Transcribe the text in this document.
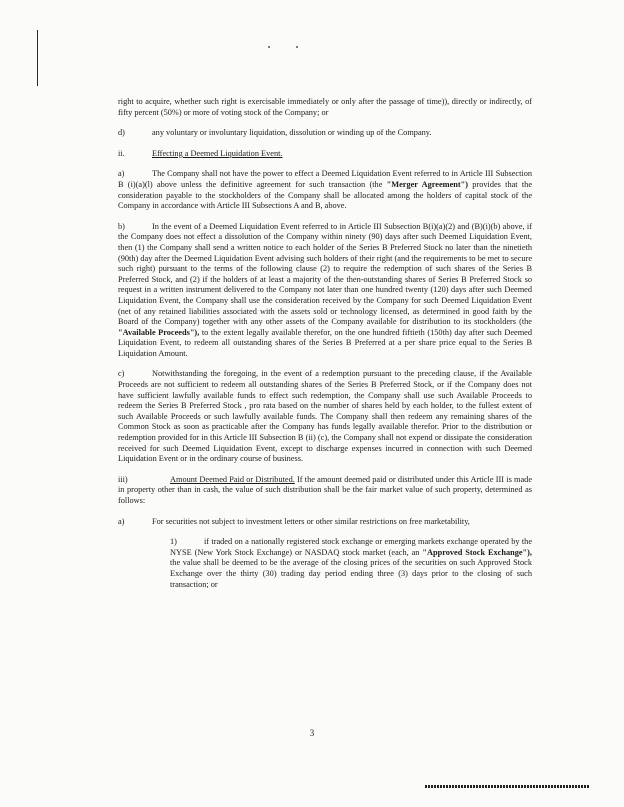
right to acquire, whether such right is exercisable immediately or only after the passage of time)), directly or indirectly, of fifty percent (50%) or more of voting stock of the Company; or

d)	any voluntary or involuntary liquidation, dissolution or winding up of the Company.

ii.	Effecting a Deemed Liquidation Event.

a)	The Company shall not have the power to effect a Deemed Liquidation Event referred to in Article III Subsection B (i)(a)(l) above unless the definitive agreement for such transaction (the "Merger Agreement") provides that the consideration payable to the stockholders of the Company shall be allocated among the holders of capital stock of the Company in accordance with Article III Subsections A and B, above.

b)	In the event of a Deemed Liquidation Event referred to in Article III Subsection B(i)(a)(2) and (B)(i)(b) above, if the Company does not effect a dissolution of the Company within ninety (90) days after such Deemed Liquidation Event, then (1) the Company shall send a written notice to each holder of the Series B Preferred Stock no later than the ninetieth (90th) day after the Deemed Liquidation Event advising such holders of their right (and the requirements to be met to secure such right) pursuant to the terms of the following clause (2) to require the redemption of such shares of the Series B Preferred Stock, and (2) if the holders of at least a majority of the then-outstanding shares of Series B Preferred Stock so request in a written instrument delivered to the Company not later than one hundred twenty (120) days after such Deemed Liquidation Event, the Company shall use the consideration received by the Company for such Deemed Liquidation Event (net of any retained liabilities associated with the assets sold or technology licensed, as determined in good faith by the Board of the Company) together with any other assets of the Company available for distribution to its stockholders (the "Available Proceeds"), to the extent legally available therefor, on the one hundred fiftieth (150th) day after such Deemed Liquidation Event, to redeem all outstanding shares of the Series B Preferred at a per share price equal to the Series B Liquidation Amount.

c)	Notwithstanding the foregoing, in the event of a redemption pursuant to the preceding clause, if the Available Proceeds are not sufficient to redeem all outstanding shares of the Series B Preferred Stock, or if the Company does not have sufficient lawfully available funds to effect such redemption, the Company shall use such Available Proceeds to redeem the Series B Preferred Stock , pro rata based on the number of shares held by each holder, to the fullest extent of such Available Proceeds or such lawfully available funds. The Company shall then redeem any remaining shares of the Common Stock as soon as practicable after the Company has funds legally available therefor. Prior to the distribution or redemption provided for in this Article III Subsection B (ii) (c), the Company shall not expend or dissipate the consideration received for such Deemed Liquidation Event, except to discharge expenses incurred in connection with such Deemed Liquidation Event or in the ordinary course of business.

iii)	Amount Deemed Paid or Distributed. If the amount deemed paid or distributed under this Article III is made in property other than in cash, the value of such distribution shall be the fair market value of such property, determined as follows:

a)	For securities not subject to investment letters or other similar restrictions on free marketability,

1)	if traded on a nationally registered stock exchange or emerging markets exchange operated by the NYSE (New York Stock Exchange) or NASDAQ stock market (each, an "Approved Stock Exchange"), the value shall be deemed to be the average of the closing prices of the securities on such Approved Stock Exchange over the thirty (30) trading day period ending three (3) days prior to the closing of such transaction; or

3
